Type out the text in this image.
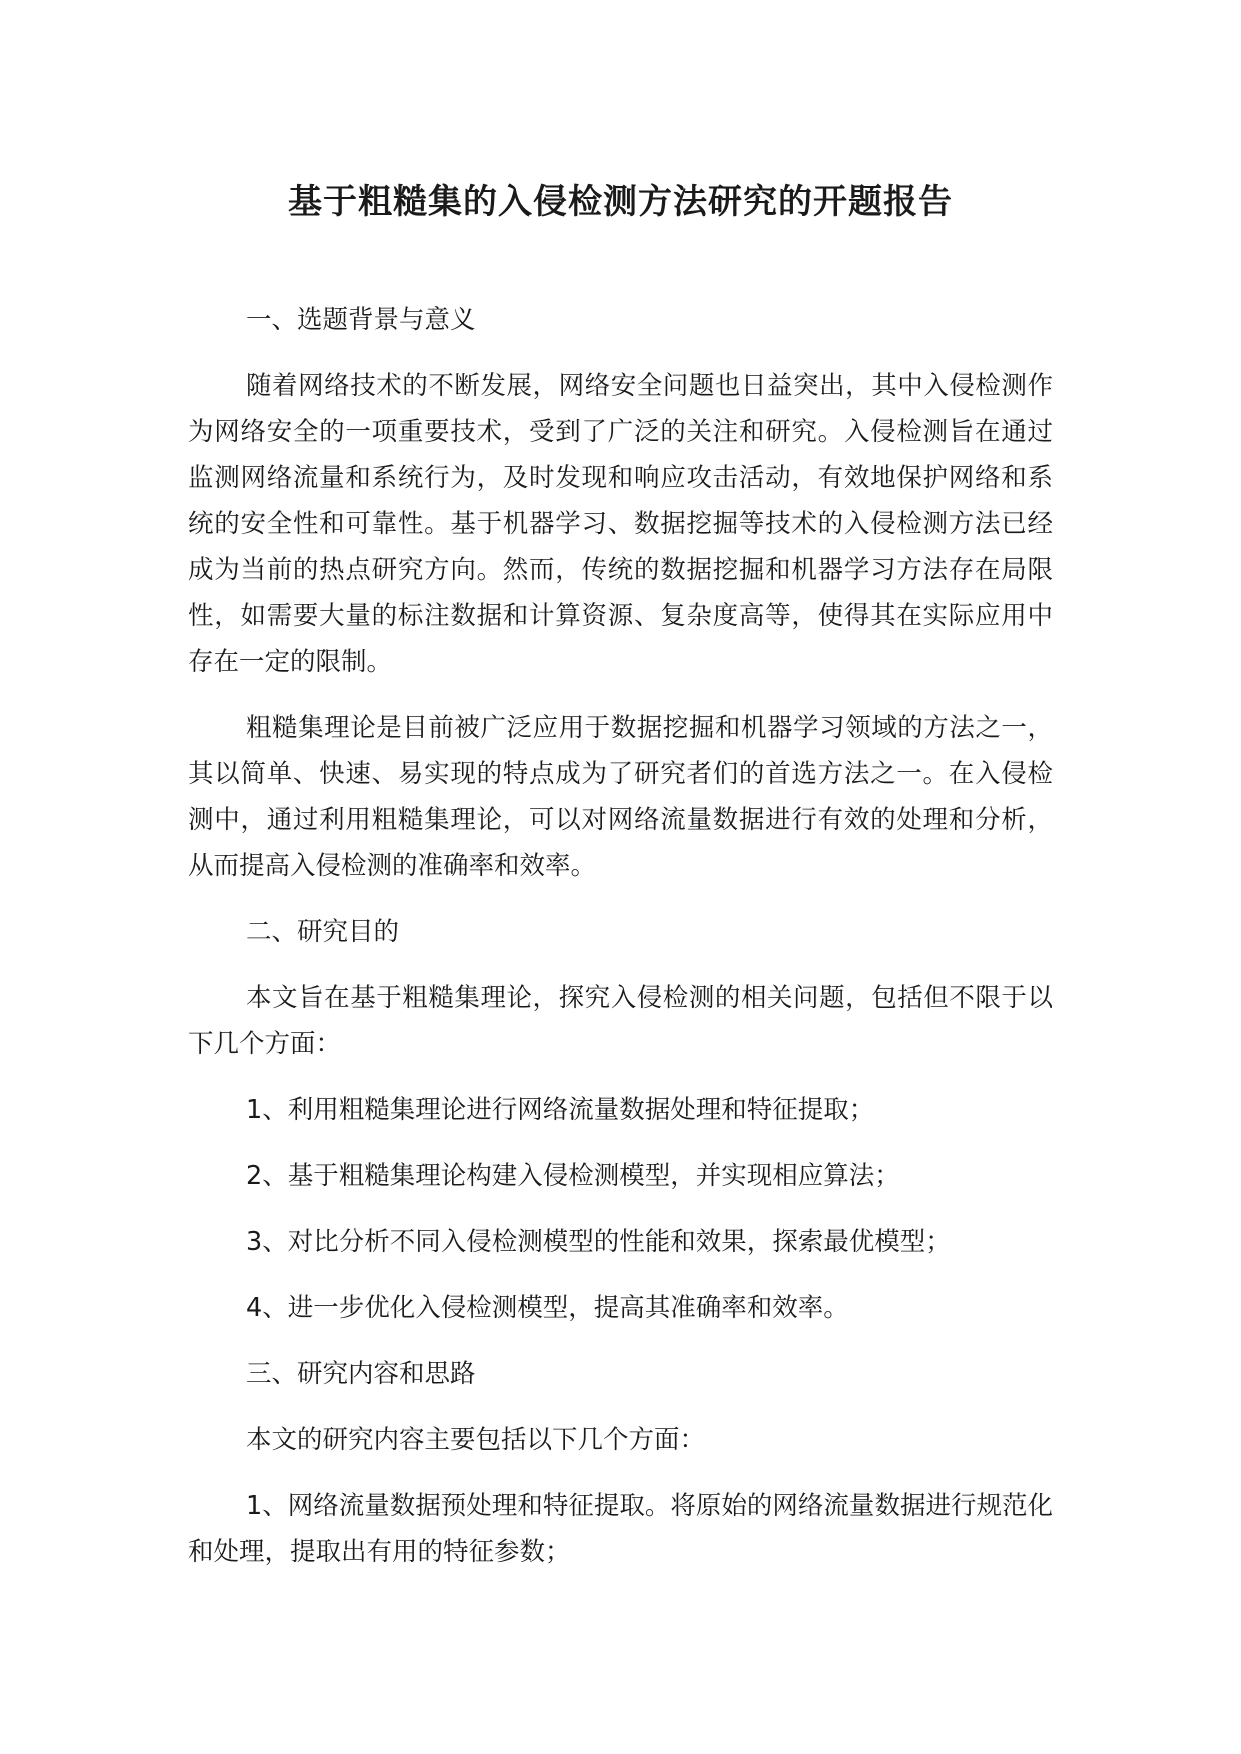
基于粗糙集的入侵检测方法研究的开题报告

一、选题背景与意义

随着网络技术的不断发展，网络安全问题也日益突出，其中入侵检测作为网络安全的一项重要技术，受到了广泛的关注和研究。入侵检测旨在通过监测网络流量和系统行为，及时发现和响应攻击活动，有效地保护网络和系统的安全性和可靠性。基于机器学习、数据挖掘等技术的入侵检测方法已经成为当前的热点研究方向。然而，传统的数据挖掘和机器学习方法存在局限性，如需要大量的标注数据和计算资源、复杂度高等，使得其在实际应用中存在一定的限制。

粗糙集理论是目前被广泛应用于数据挖掘和机器学习领域的方法之一，其以简单、快速、易实现的特点成为了研究者们的首选方法之一。在入侵检测中，通过利用粗糙集理论，可以对网络流量数据进行有效的处理和分析，从而提高入侵检测的准确率和效率。

二、研究目的

本文旨在基于粗糙集理论，探究入侵检测的相关问题，包括但不限于以下几个方面：

1、利用粗糙集理论进行网络流量数据处理和特征提取；

2、基于粗糙集理论构建入侵检测模型，并实现相应算法；

3、对比分析不同入侵检测模型的性能和效果，探索最优模型；

4、进一步优化入侵检测模型，提高其准确率和效率。

三、研究内容和思路

本文的研究内容主要包括以下几个方面：

1、网络流量数据预处理和特征提取。将原始的网络流量数据进行规范化和处理，提取出有用的特征参数；
